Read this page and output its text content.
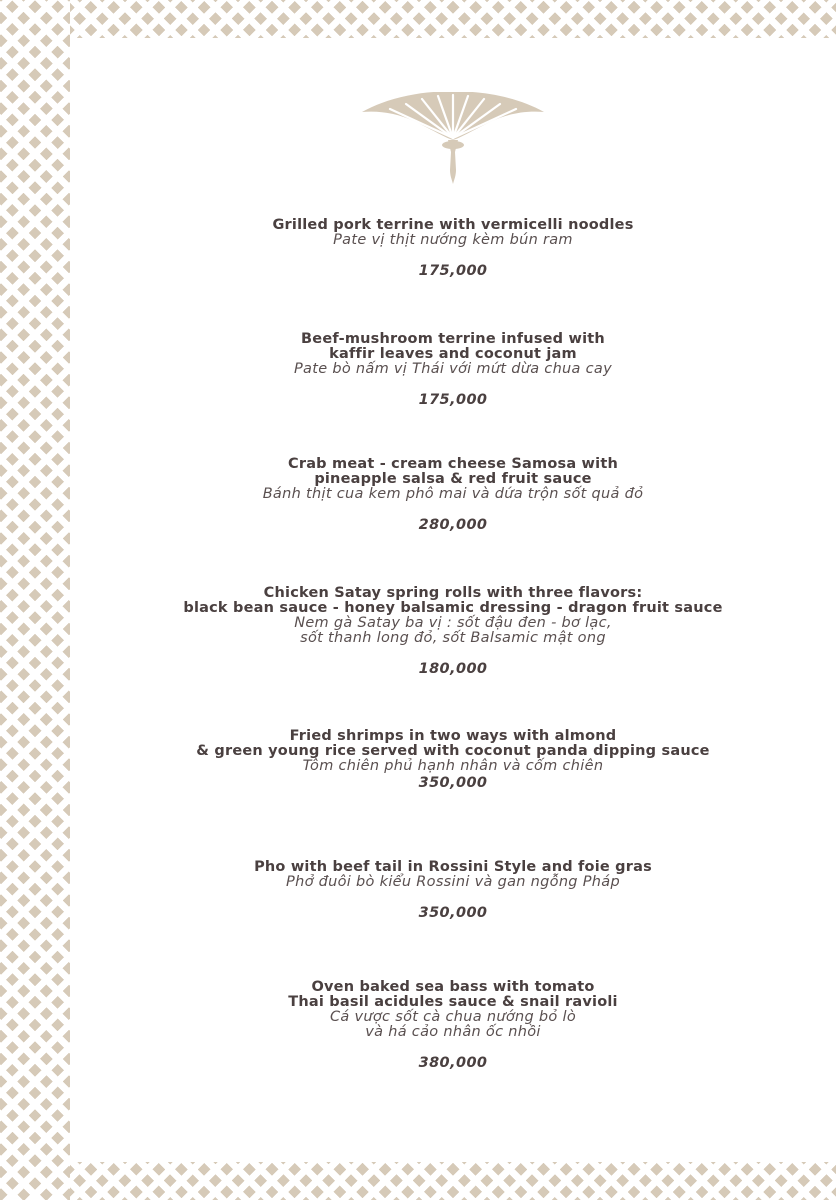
Grilled pork terrine with vermicelli noodles
Pate vị thịt nướng kèm bún ram
175,000
Beef-mushroom terrine infused with
kaffir leaves and coconut jam
Pate bò nấm vị Thái với mứt dừa chua cay
175,000
Crab meat - cream cheese Samosa with
pineapple salsa & red fruit sauce
Bánh thịt cua kem phô mai và dứa trộn sốt quả đỏ
280,000
Chicken Satay spring rolls with three flavors:
black bean sauce - honey balsamic dressing - dragon fruit sauce
Nem gà Satay ba vị : sốt đậu đen - bơ lạc,
sốt thanh long đỏ, sốt Balsamic mật ong
180,000
Fried shrimps in two ways with almond
& green young rice served with coconut panda dipping sauce
Tôm chiên phủ hạnh nhân và cốm chiên
350,000
Pho with beef tail in Rossini Style and foie gras
Phở đuôi bò kiểu Rossini và gan ngỗng Pháp
350,000
Oven baked sea bass with tomato
Thai basil acidules sauce & snail ravioli
Cá vược sốt cà chua nướng bỏ lò
và há cảo nhân ốc nhồi
380,000
